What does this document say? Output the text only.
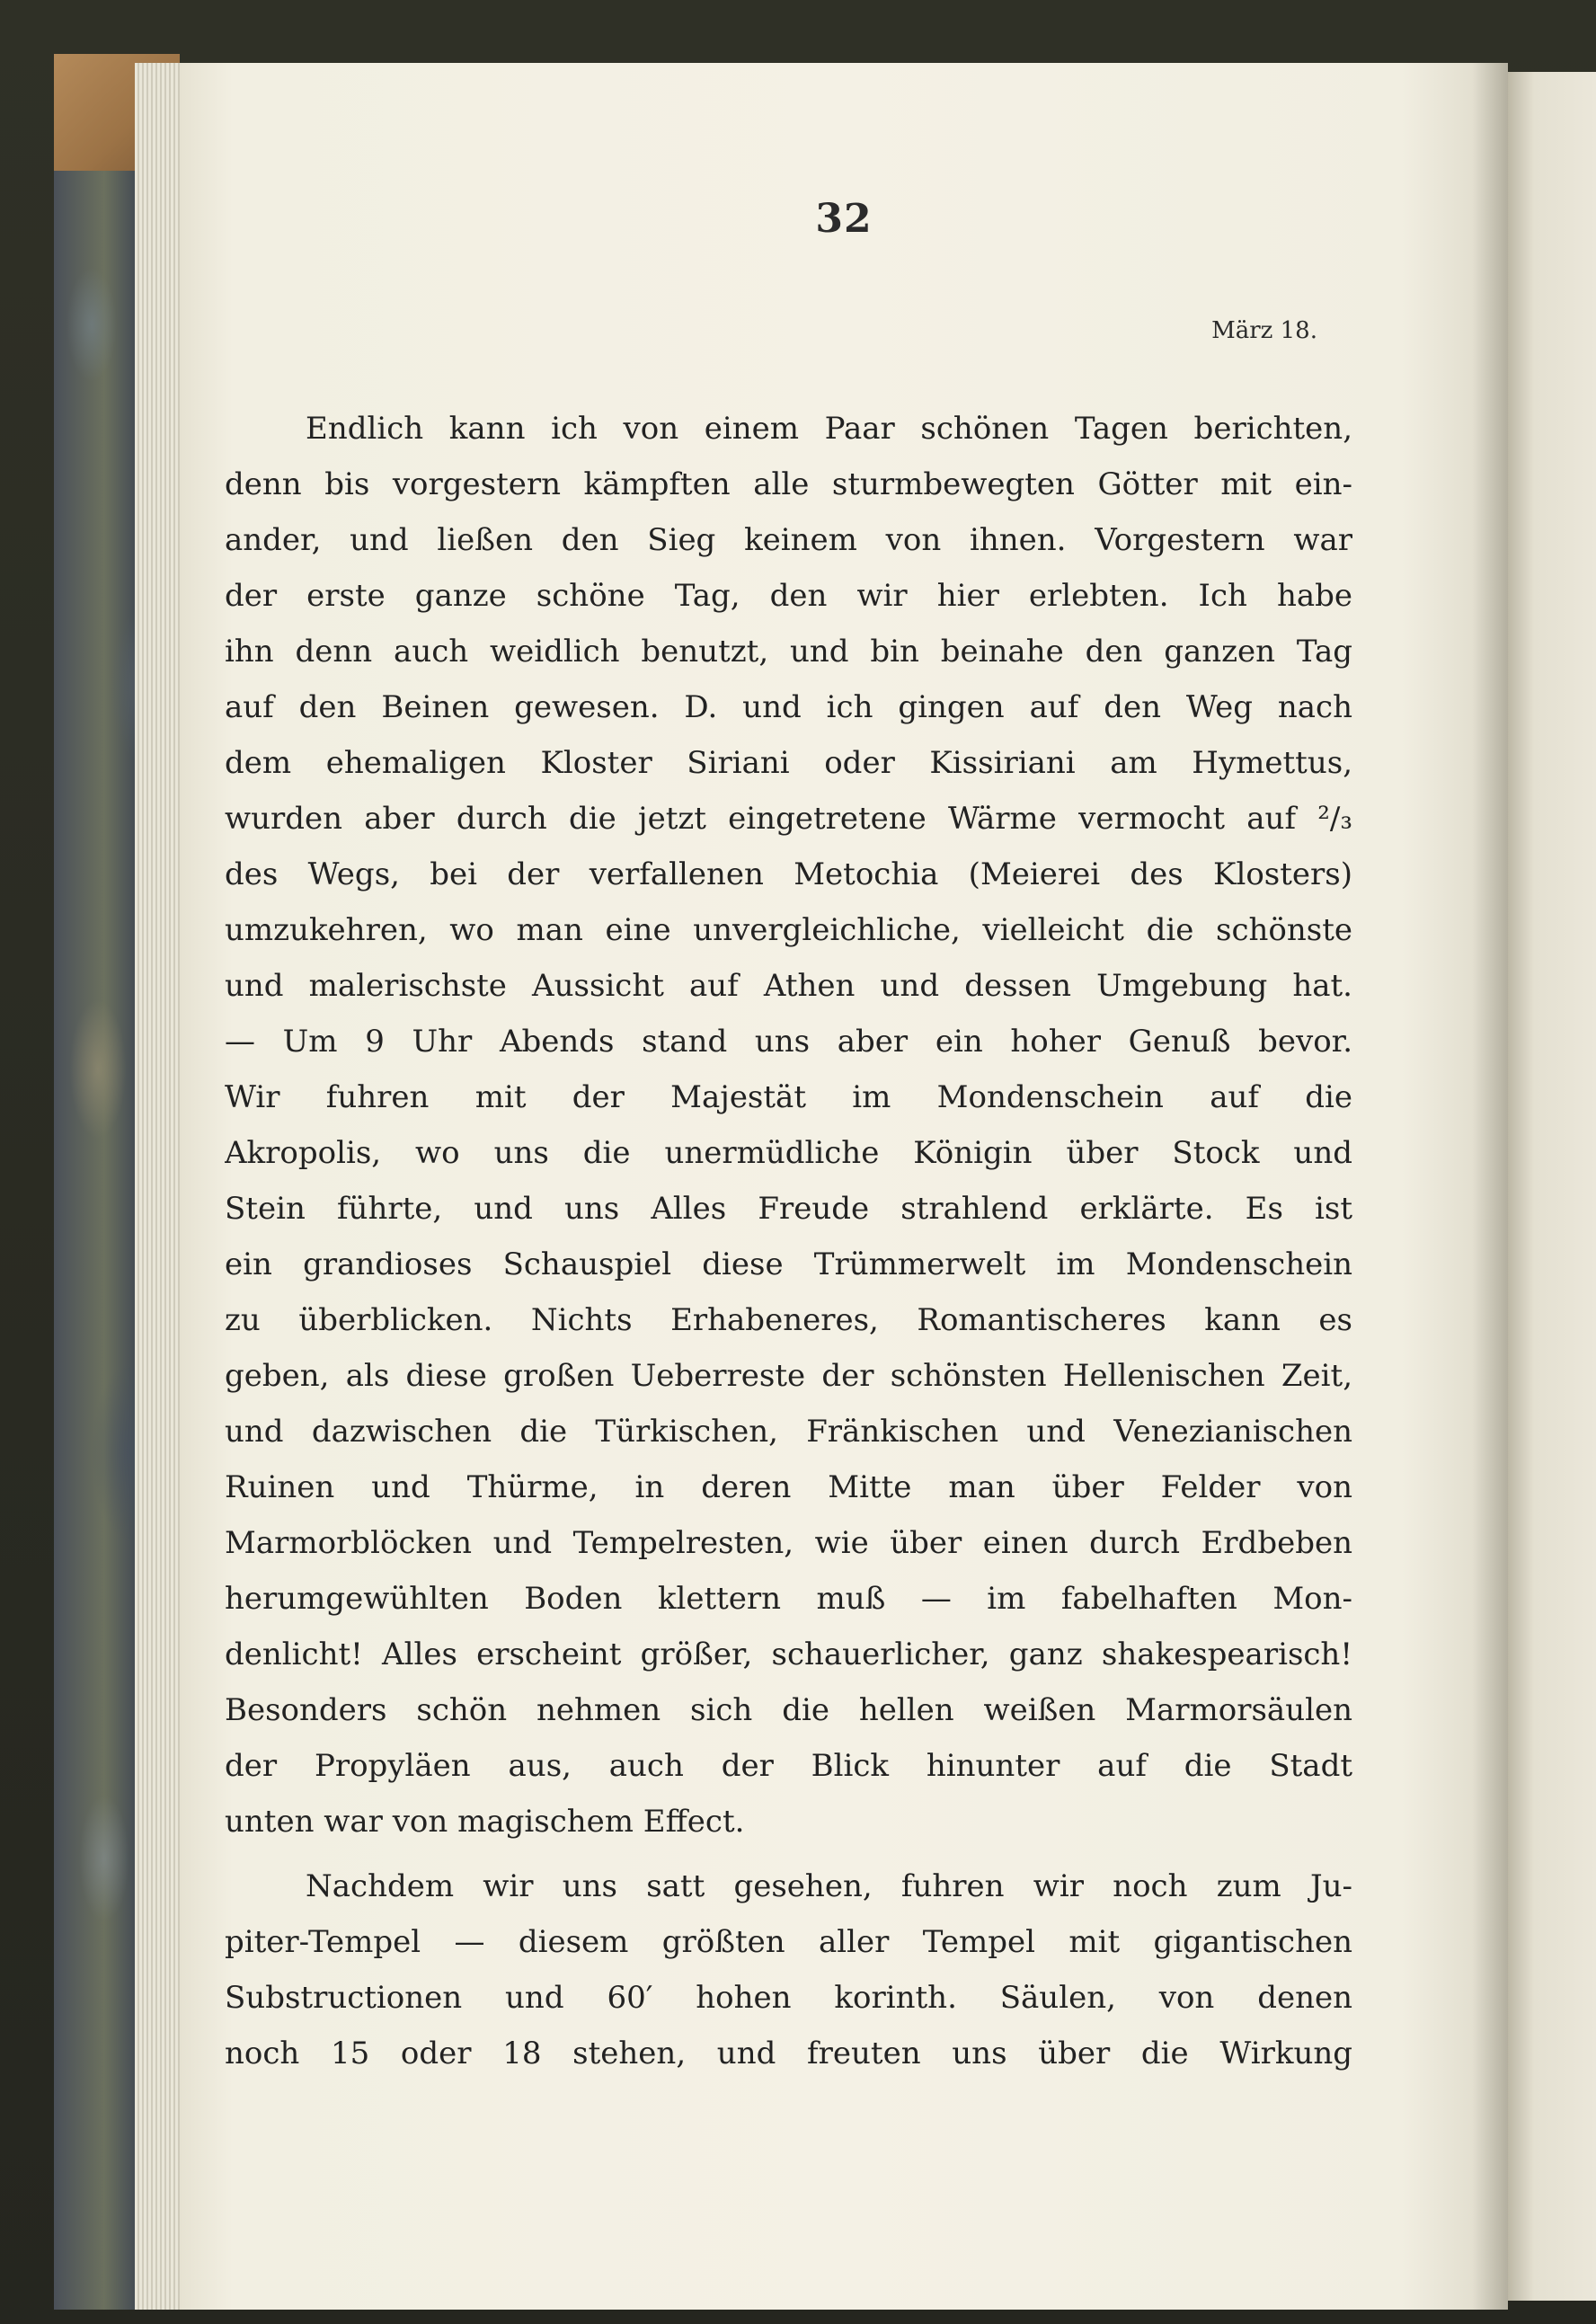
32
März 18.
Endlich kann ich von einem Paar schönen Tagen berichten,
denn bis vorgestern kämpften alle sturmbewegten Götter mit ein-
ander, und ließen den Sieg keinem von ihnen. Vorgestern war
der erste ganze schöne Tag, den wir hier erlebten. Ich habe
ihn denn auch weidlich benutzt, und bin beinahe den ganzen Tag
auf den Beinen gewesen. D. und ich gingen auf den Weg nach
dem ehemaligen Kloster Siriani oder Kissiriani am Hymettus,
wurden aber durch die jetzt eingetretene Wärme vermocht auf ²/₃
des Wegs, bei der verfallenen Metochia (Meierei des Klosters)
umzukehren, wo man eine unvergleichliche, vielleicht die schönste
und malerischste Aussicht auf Athen und dessen Umgebung hat.
— Um 9 Uhr Abends stand uns aber ein hoher Genuß bevor.
Wir fuhren mit der Majestät im Mondenschein auf die
Akropolis, wo uns die unermüdliche Königin über Stock und
Stein führte, und uns Alles Freude strahlend erklärte. Es ist
ein grandioses Schauspiel diese Trümmerwelt im Mondenschein
zu überblicken. Nichts Erhabeneres, Romantischeres kann es
geben, als diese großen Ueberreste der schönsten Hellenischen Zeit,
und dazwischen die Türkischen, Fränkischen und Venezianischen
Ruinen und Thürme, in deren Mitte man über Felder von
Marmorblöcken und Tempelresten, wie über einen durch Erdbeben
herumgewühlten Boden klettern muß — im fabelhaften Mon-
denlicht! Alles erscheint größer, schauerlicher, ganz shakespearisch!
Besonders schön nehmen sich die hellen weißen Marmorsäulen
der Propyläen aus, auch der Blick hinunter auf die Stadt
unten war von magischem Effect.
Nachdem wir uns satt gesehen, fuhren wir noch zum Ju-
piter-Tempel — diesem größten aller Tempel mit gigantischen
Substructionen und 60′ hohen korinth. Säulen, von denen
noch 15 oder 18 stehen, und freuten uns über die Wirkung
